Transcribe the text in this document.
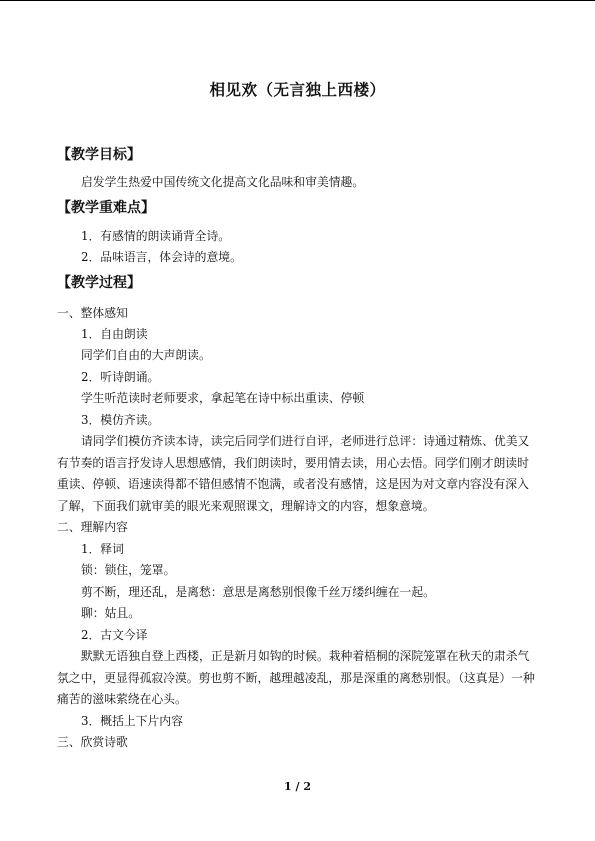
相见欢（无言独上西楼）
【教学目标】
启发学生热爱中国传统文化提高文化品味和审美情趣。
【教学重难点】
1．有感情的朗读诵背全诗。
2．品味语言，体会诗的意境。
【教学过程】
一、整体感知
1．自由朗读
同学们自由的大声朗读。
2．听诗朗诵。
学生听范读时老师要求，拿起笔在诗中标出重读、停顿
3．模仿齐读。
请同学们模仿齐读本诗，读完后同学们进行自评，老师进行总评：诗通过精炼、优美又
有节奏的语言抒发诗人思想感情，我们朗读时，要用情去读，用心去悟。同学们刚才朗读时
重读、停顿、语速读得都不错但感情不饱满，或者没有感情，这是因为对文章内容没有深入
了解，下面我们就审美的眼光来观照课文，理解诗文的内容，想象意境。
二、理解内容
1．释词
锁：锁住，笼罩。
剪不断，理还乱，是离愁：意思是离愁别恨像千丝万缕纠缠在一起。
聊：姑且。
2．古文今译
默默无语独自登上西楼，正是新月如钩的时候。栽种着梧桐的深院笼罩在秋天的肃杀气
氛之中，更显得孤寂冷漠。剪也剪不断，越理越凌乱，那是深重的离愁别恨。（这真是）一种
痛苦的滋味萦绕在心头。
3．概括上下片内容
三、欣赏诗歌
1 / 2
